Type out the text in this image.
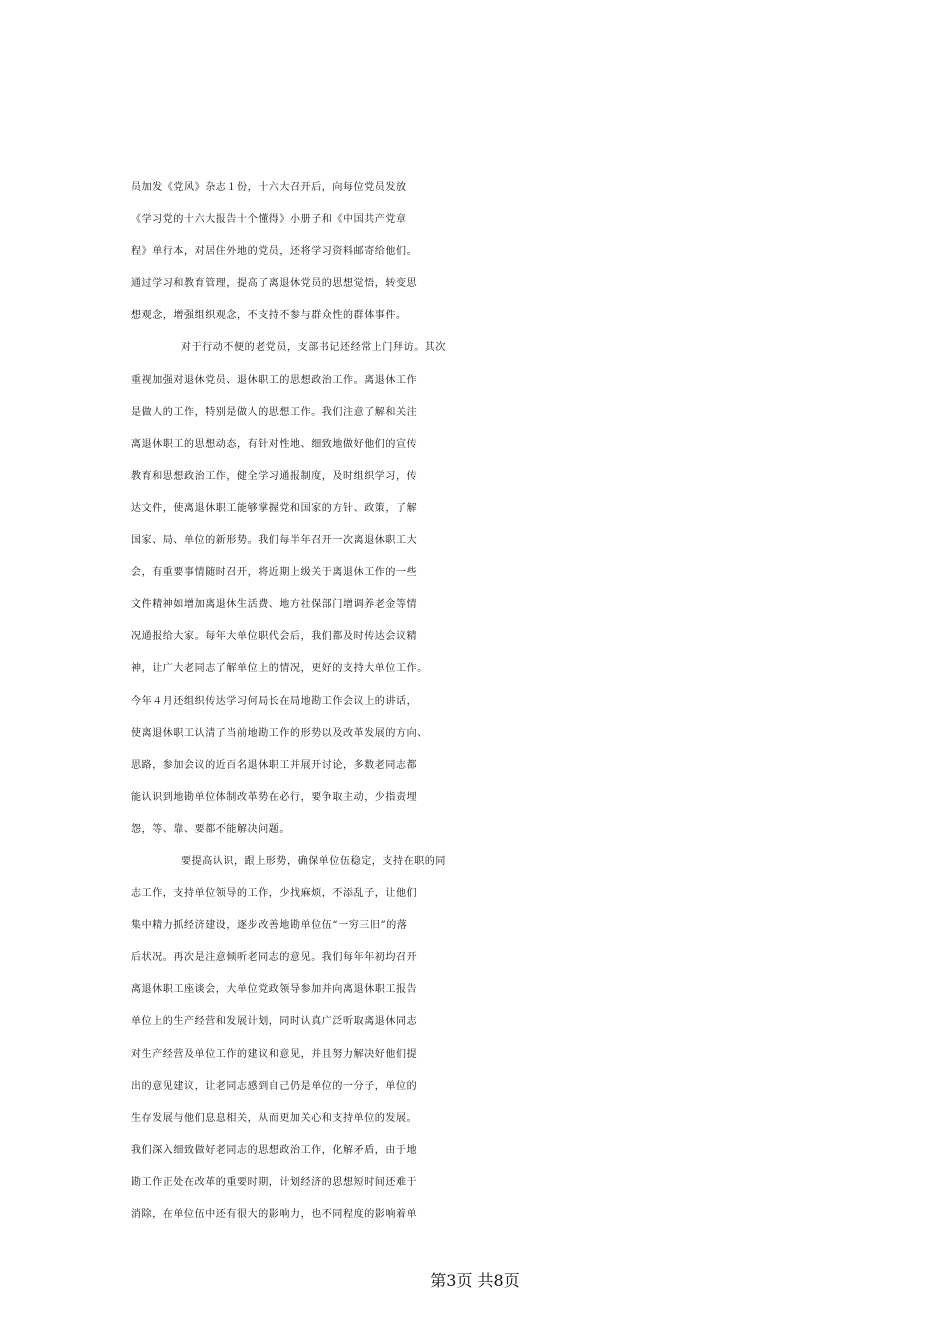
员加发《党风》杂志１份，十六大召开后，向每位党员发放
《学习党的十六大报告十个懂得》小册子和《中国共产党章
程》单行本，对居住外地的党员，还将学习资料邮寄给他们。
通过学习和教育管理，提高了离退休党员的思想觉悟，转变思
想观念，增强组织观念，不支持不参与群众性的群体事件。
对于行动不便的老党员，支部书记还经常上门拜访。其次
重视加强对退休党员、退休职工的思想政治工作。离退休工作
是做人的工作，特别是做人的思想工作。我们注意了解和关注
离退休职工的思想动态，有针对性地、细致地做好他们的宣传
教育和思想政治工作，健全学习通报制度，及时组织学习，传
达文件，使离退休职工能够掌握党和国家的方针、政策，了解
国家、局、单位的新形势。我们每半年召开一次离退休职工大
会，有重要事情随时召开，将近期上级关于离退休工作的一些
文件精神如增加离退休生活费、地方社保部门增调养老金等情
况通报给大家。每年大单位职代会后，我们都及时传达会议精
神，让广大老同志了解单位上的情况，更好的支持大单位工作。
今年４月还组织传达学习何局长在局地勘工作会议上的讲话，
使离退休职工认清了当前地勘工作的形势以及改革发展的方向、
思路，参加会议的近百名退休职工并展开讨论，多数老同志都
能认识到地勘单位体制改革势在必行，要争取主动，少指责埋
怨，等、靠、要都不能解决问题。
要提高认识，跟上形势，确保单位伍稳定，支持在职的同
志工作，支持单位领导的工作，少找麻烦，不添乱子，让他们
集中精力抓经济建设，逐步改善地勘单位伍“一穷三旧”的落
后状况。再次是注意倾听老同志的意见。我们每年年初均召开
离退休职工座谈会，大单位党政领导参加并向离退休职工报告
单位上的生产经营和发展计划，同时认真广泛听取离退休同志
对生产经营及单位工作的建议和意见，并且努力解决好他们提
出的意见建议，让老同志感到自己仍是单位的一分子，单位的
生存发展与他们息息相关，从而更加关心和支持单位的发展。
我们深入细致做好老同志的思想政治工作，化解矛盾，由于地
勘工作正处在改革的重要时期，计划经济的思想短时间还难于
消除，在单位伍中还有很大的影响力，也不同程度的影响着单
第3页 共8页
